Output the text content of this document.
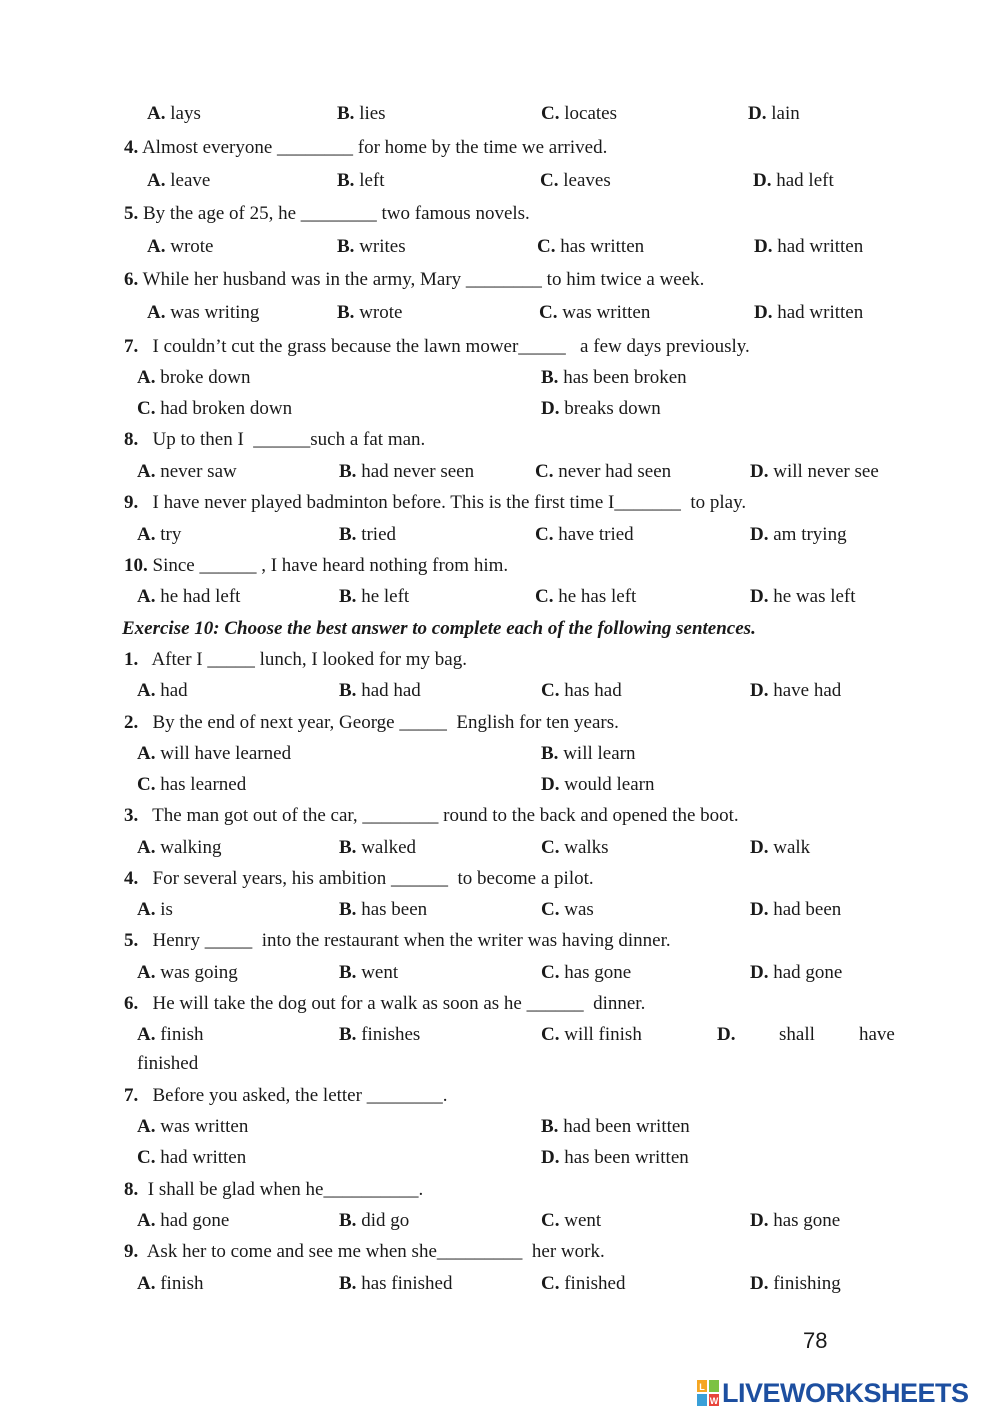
A. lays	B. lies	C. locates	D. lain
4. Almost everyone ________ for home by the time we arrived.
A. leave	B. left	C. leaves	D. had left
5. By the age of 25, he ________ two famous novels.
A. wrote	B. writes	C. has written	D. had written
6. While her husband was in the army, Mary ________ to him twice a week.
A. was writing	B. wrote	C. was written	D. had written
7.   I couldn’t cut the grass because the lawn mower_____   a few days previously.
A. broke down	B. has been broken
C. had broken down	D. breaks down
8.   Up to then I  ______such a fat man.
A. never saw	B. had never seen	C. never had seen	D. will never see
9.   I have never played badminton before. This is the first time I_______  to play.
A. try	B. tried	C. have tried	D. am trying
10. Since ______ , I have heard nothing from him.
A. he had left	B. he left	C. he has left	D. he was left
Exercise 10: Choose the best answer to complete each of the following sentences.
1.   After I _____ lunch, I looked for my bag.
A. had	B. had had	C. has had	D. have had
2.   By the end of next year, George _____  English for ten years.
A. will have learned	B. will learn
C. has learned	D. would learn
3.   The man got out of the car, ________ round to the back and opened the boot.
A. walking	B. walked	C. walks	D. walk
4.   For several years, his ambition ______  to become a pilot.
A. is	B. has been	C. was	D. had been
5.   Henry _____  into the restaurant when the writer was having dinner.
A. was going	B. went	C. has gone	D. had gone
6.   He will take the dog out for a walk as soon as he ______  dinner.
A. finish	B. finishes	C. will finish	D. shall have
finished
7.   Before you asked, the letter ________.
A. was written	B. had been written
C. had written	D. has been written
8.  I shall be glad when he__________.
A. had gone	B. did go	C. went	D. has gone
9.  Ask her to come and see me when she_________  her work.
A. finish	B. has finished	C. finished	D. finishing
78
L
W LIVEWORKSHEETS
